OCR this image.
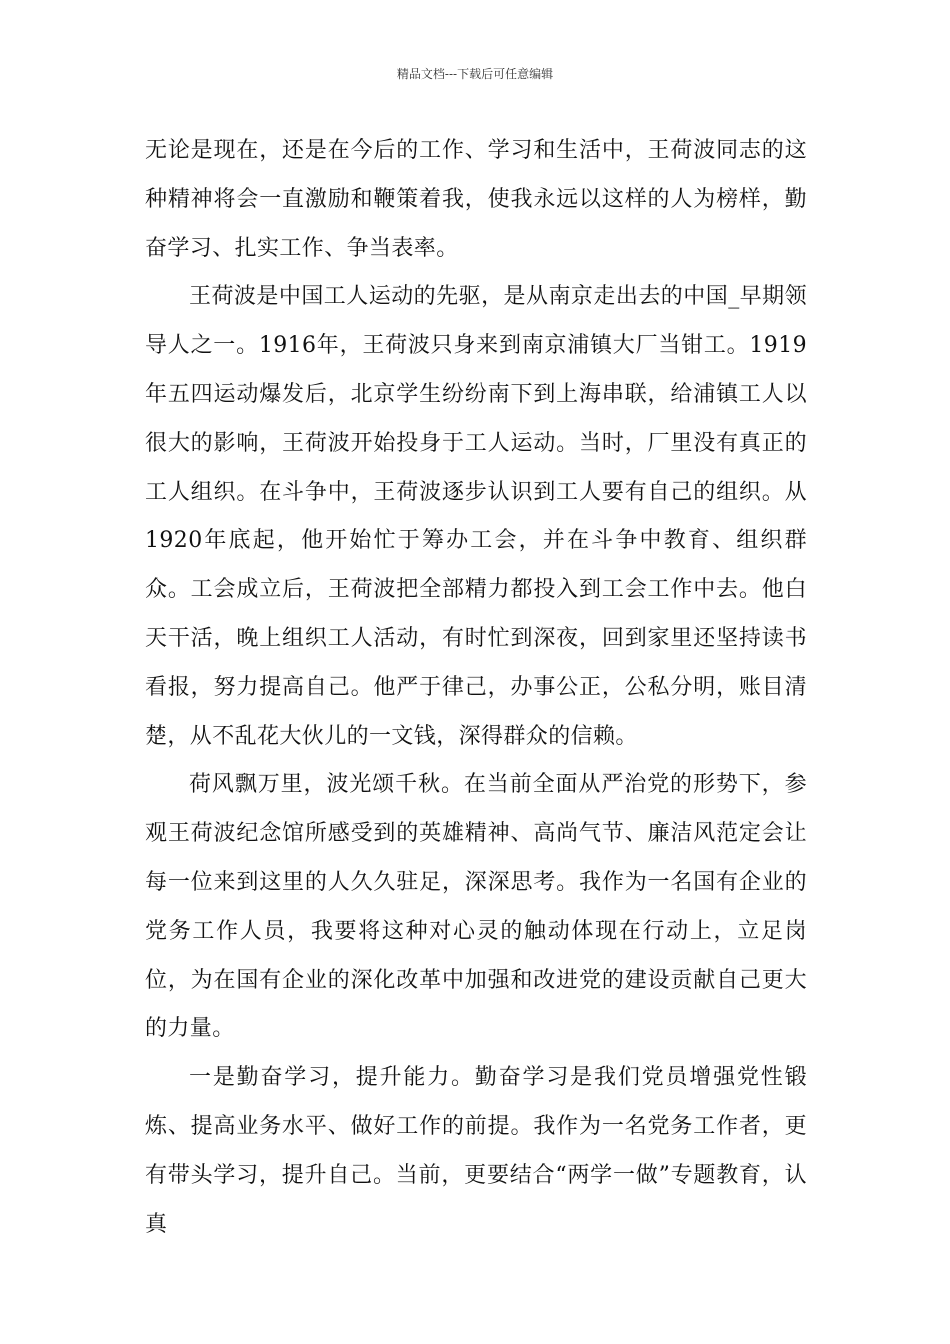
精品文档---下载后可任意编辑

无论是现在，还是在今后的工作、学习和生活中，王荷波同志的这种精神将会一直激励和鞭策着我，使我永远以这样的人为榜样，勤奋学习、扎实工作、争当表率。

王荷波是中国工人运动的先驱，是从南京走出去的中国_早期领导人之一。1916年，王荷波只身来到南京浦镇大厂当钳工。1919年五四运动爆发后，北京学生纷纷南下到上海串联，给浦镇工人以很大的影响，王荷波开始投身于工人运动。当时，厂里没有真正的工人组织。在斗争中，王荷波逐步认识到工人要有自己的组织。从1920年底起，他开始忙于筹办工会，并在斗争中教育、组织群众。工会成立后，王荷波把全部精力都投入到工会工作中去。他白天干活，晚上组织工人活动，有时忙到深夜，回到家里还坚持读书看报，努力提高自己。他严于律己，办事公正，公私分明，账目清楚，从不乱花大伙儿的一文钱，深得群众的信赖。

荷风飘万里，波光颂千秋。在当前全面从严治党的形势下，参观王荷波纪念馆所感受到的英雄精神、高尚气节、廉洁风范定会让每一位来到这里的人久久驻足，深深思考。我作为一名国有企业的党务工作人员，我要将这种对心灵的触动体现在行动上，立足岗位，为在国有企业的深化改革中加强和改进党的建设贡献自己更大的力量。

一是勤奋学习，提升能力。勤奋学习是我们党员增强党性锻炼、提高业务水平、做好工作的前提。我作为一名党务工作者，更有带头学习，提升自己。当前，更要结合“两学一做”专题教育，认真
